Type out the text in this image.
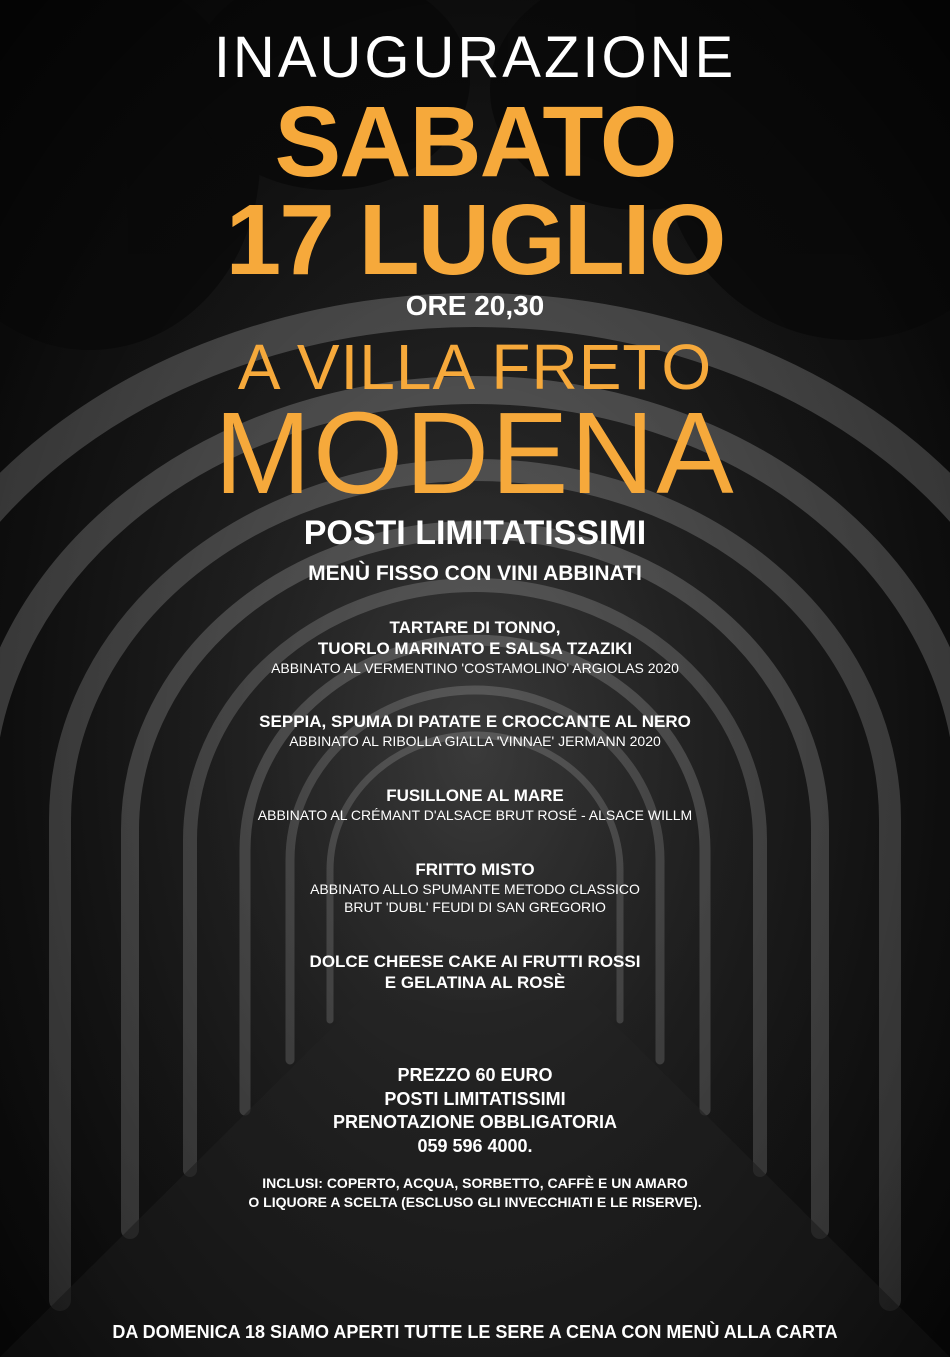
INAUGURAZIONE
SABATO
17 LUGLIO
ORE 20,30
A VILLA FRETO
MODENA
POSTI LIMITATISSIMI
MENÙ FISSO CON VINI ABBINATI
TARTARE DI TONNO,
TUORLO MARINATO E SALSA TZAZIKI
ABBINATO AL VERMENTINO 'COSTAMOLINO' ARGIOLAS 2020
SEPPIA, SPUMA DI PATATE E CROCCANTE AL NERO
ABBINATO AL RIBOLLA GIALLA 'VINNAE' JERMANN 2020
FUSILLONE AL MARE
ABBINATO AL CRÉMANT D'ALSACE BRUT ROSÉ - ALSACE WILLM
FRITTO MISTO
ABBINATO ALLO SPUMANTE METODO CLASSICO
BRUT 'DUBL' FEUDI DI SAN GREGORIO
DOLCE CHEESE CAKE AI FRUTTI ROSSI
E GELATINA AL ROSÈ
PREZZO 60 EURO
POSTI LIMITATISSIMI
PRENOTAZIONE OBBLIGATORIA
059 596 4000.
INCLUSI: COPERTO, ACQUA, SORBETTO, CAFFÈ E UN AMARO
O LIQUORE A SCELTA (ESCLUSO GLI INVECCHIATI E LE RISERVE).
DA DOMENICA 18 SIAMO APERTI TUTTE LE SERE A CENA CON MENÙ ALLA CARTA
